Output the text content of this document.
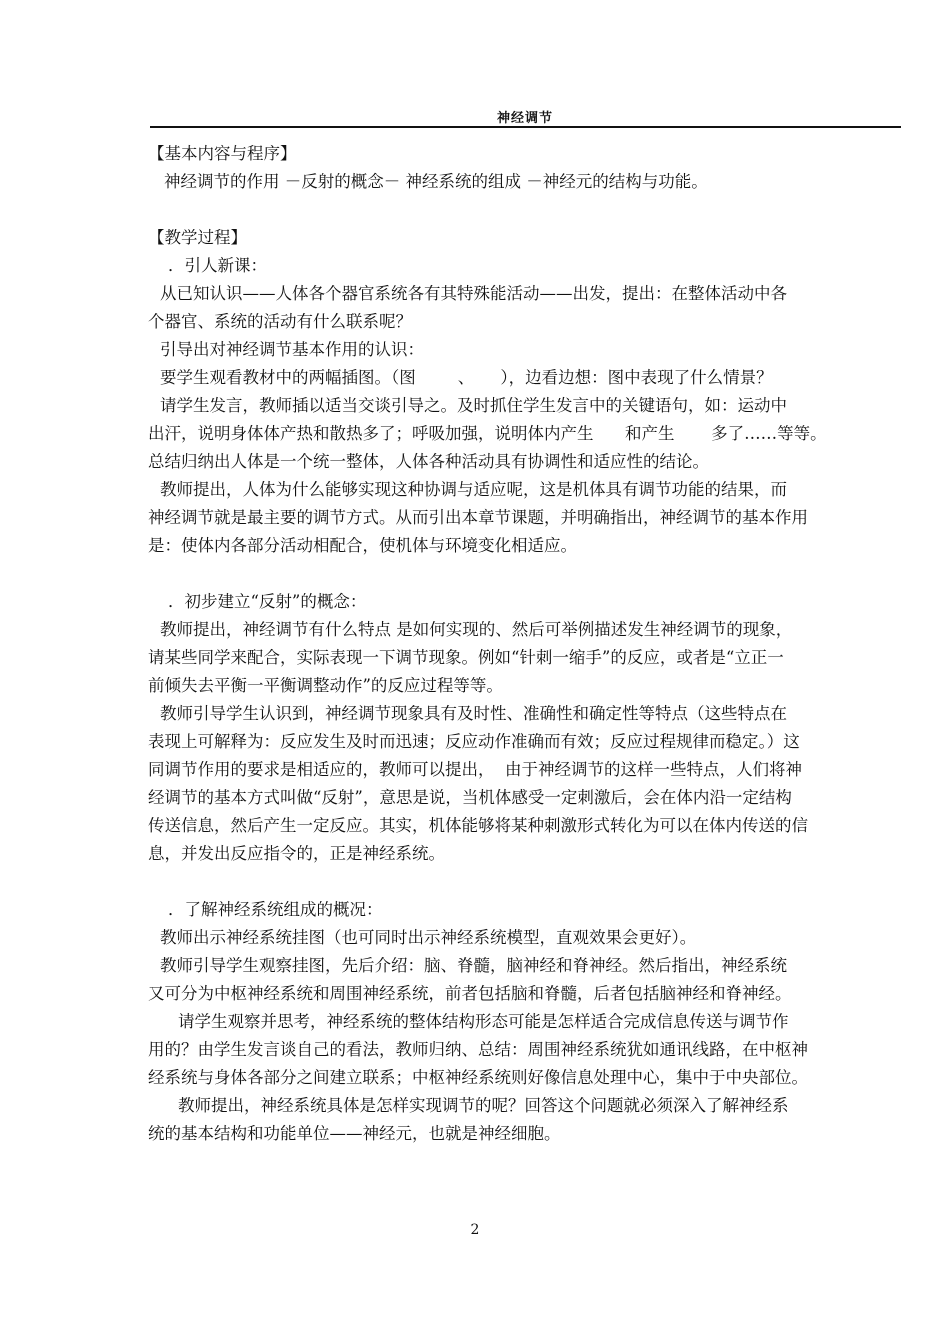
神经调节
【基本内容与程序】
神经调节的作用 －反射的概念－ 神经系统的组成 －神经元的结构与功能。
【教学过程】
．引人新课：
从已知认识——人体各个器官系统各有其特殊能活动——出发，提出：在整体活动中各
个器官、系统的活动有什么联系呢？
引导出对神经调节基本作用的认识：
要学生观看教材中的两幅插图。（图        、     ），边看边想：图中表现了什么情景？
请学生发言，教师插以适当交谈引导之。及时抓住学生发言中的关键语句，如：运动中
出汗，说明身体体产热和散热多了；呼吸加强，说明体内产生      和产生       多了……等等。
总结归纳出人体是一个统一整体，人体各种活动具有协调性和适应性的结论。
教师提出，人体为什么能够实现这种协调与适应呢，这是机体具有调节功能的结果，而
神经调节就是最主要的调节方式。从而引出本章节课题，并明确指出，神经调节的基本作用
是：使体内各部分活动相配合，使机体与环境变化相适应。
．初步建立“反射”的概念：
教师提出，神经调节有什么特点 是如何实现的、然后可举例描述发生神经调节的现象，
请某些同学来配合，实际表现一下调节现象。例如“针刺一缩手”的反应，或者是“立正一
前倾失去平衡一平衡调整动作”的反应过程等等。
教师引导学生认识到，神经调节现象具有及时性、准确性和确定性等特点（这些特点在
表现上可解释为：反应发生及时而迅速；反应动作准确而有效；反应过程规律而稳定。）这
同调节作用的要求是相适应的，教师可以提出，  由于神经调节的这样一些特点，人们将神
经调节的基本方式叫做“反射”，意思是说，当机体感受一定刺激后，会在体内沿一定结构
传送信息，然后产生一定反应。其实，机体能够将某种刺激形式转化为可以在体内传送的信
息，并发出反应指令的，正是神经系统。
．了解神经系统组成的概况：
教师出示神经系统挂图（也可同时出示神经系统模型，直观效果会更好）。
教师引导学生观察挂图，先后介绍：脑、脊髓，脑神经和脊神经。然后指出，神经系统
又可分为中枢神经系统和周围神经系统，前者包括脑和脊髓，后者包括脑神经和脊神经。
请学生观察并思考，神经系统的整体结构形态可能是怎样适合完成信息传送与调节作
用的？由学生发言谈自己的看法，教师归纳、总结：周围神经系统犹如通讯线路，在中枢神
经系统与身体各部分之间建立联系；中枢神经系统则好像信息处理中心，集中于中央部位。
教师提出，神经系统具体是怎样实现调节的呢？回答这个问题就必须深入了解神经系
统的基本结构和功能单位——神经元，也就是神经细胞。
2
